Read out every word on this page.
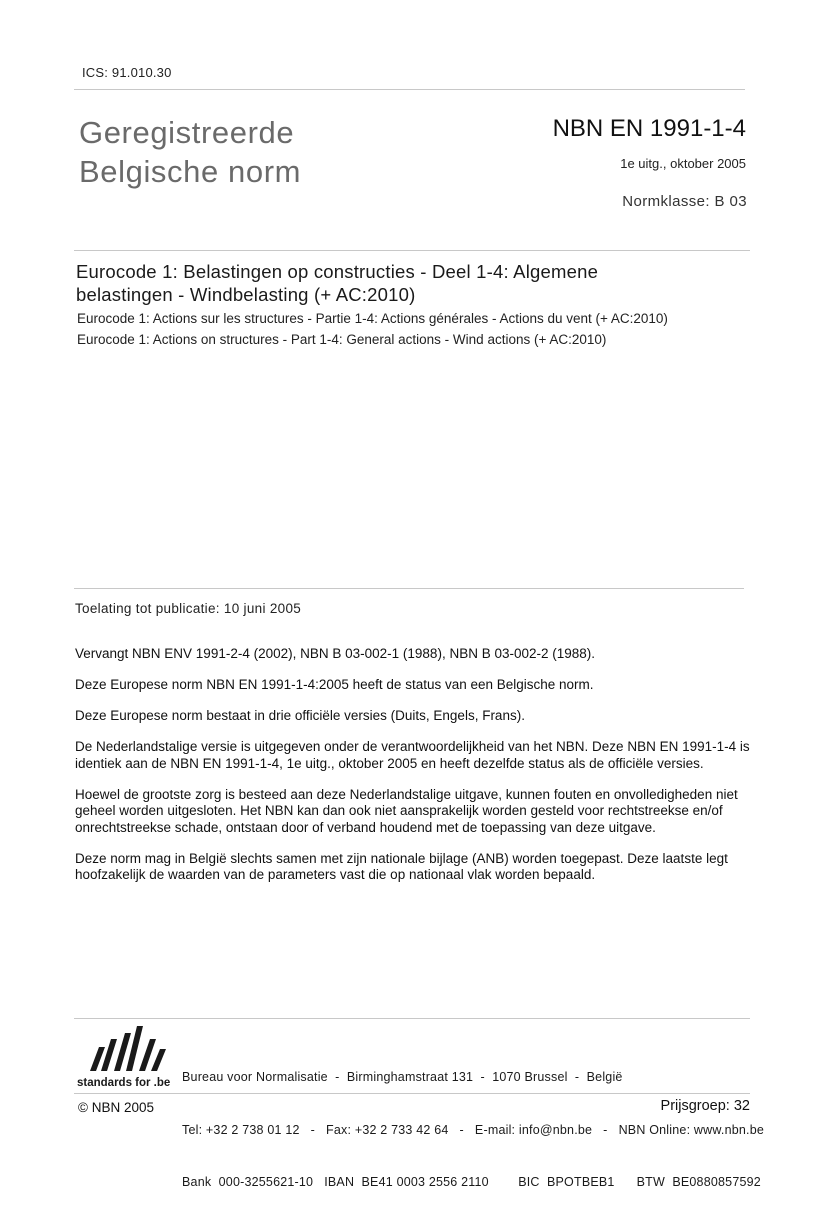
ICS: 91.010.30
Geregistreerde
Belgische norm
NBN EN 1991-1-4
1e uitg., oktober 2005
Normklasse: B 03
Eurocode 1: Belastingen op constructies - Deel 1-4: Algemene belastingen - Windbelasting (+ AC:2010)
Eurocode 1: Actions sur les structures - Partie 1-4: Actions générales - Actions du vent (+ AC:2010)
Eurocode 1: Actions on structures - Part 1-4: General actions - Wind actions (+ AC:2010)
Toelating tot publicatie: 10 juni 2005

Vervangt NBN ENV 1991-2-4 (2002), NBN B 03-002-1 (1988), NBN B 03-002-2 (1988).

Deze Europese norm NBN EN 1991-1-4:2005 heeft de status van een Belgische norm.

Deze Europese norm bestaat in drie officiële versies (Duits, Engels, Frans).

De Nederlandstalige versie is uitgegeven onder de verantwoordelijkheid van het NBN. Deze NBN EN 1991-1-4 is identiek aan de NBN EN 1991-1-4, 1e uitg., oktober 2005 en heeft dezelfde status als de officiële versies.

Hoewel de grootste zorg is besteed aan deze Nederlandstalige uitgave, kunnen fouten en onvolledigheden niet geheel worden uitgesloten. Het NBN kan dan ook niet aansprakelijk worden gesteld voor rechtstreekse en/of onrechtstreekse schade, ontstaan door of verband houdend met de toepassing van deze uitgave.

Deze norm mag in België slechts samen met zijn nationale bijlage (ANB) worden toegepast. Deze laatste legt hoofzakelijk de waarden van de parameters vast die op nationaal vlak worden bepaald.

standards for .be

Bureau voor Normalisatie  -  Birminghamstraat 131  -  1070 Brussel  -  België

Tel: +32 2 738 01 12   -   Fax: +32 2 733 42 64   -   E-mail: info@nbn.be   -   NBN Online: www.nbn.be

Bank  000-3255621-10   IBAN  BE41 0003 2556 2110        BIC  BPOTBEB1      BTW  BE0880857592

© NBN 2005	Prijsgroep: 32
